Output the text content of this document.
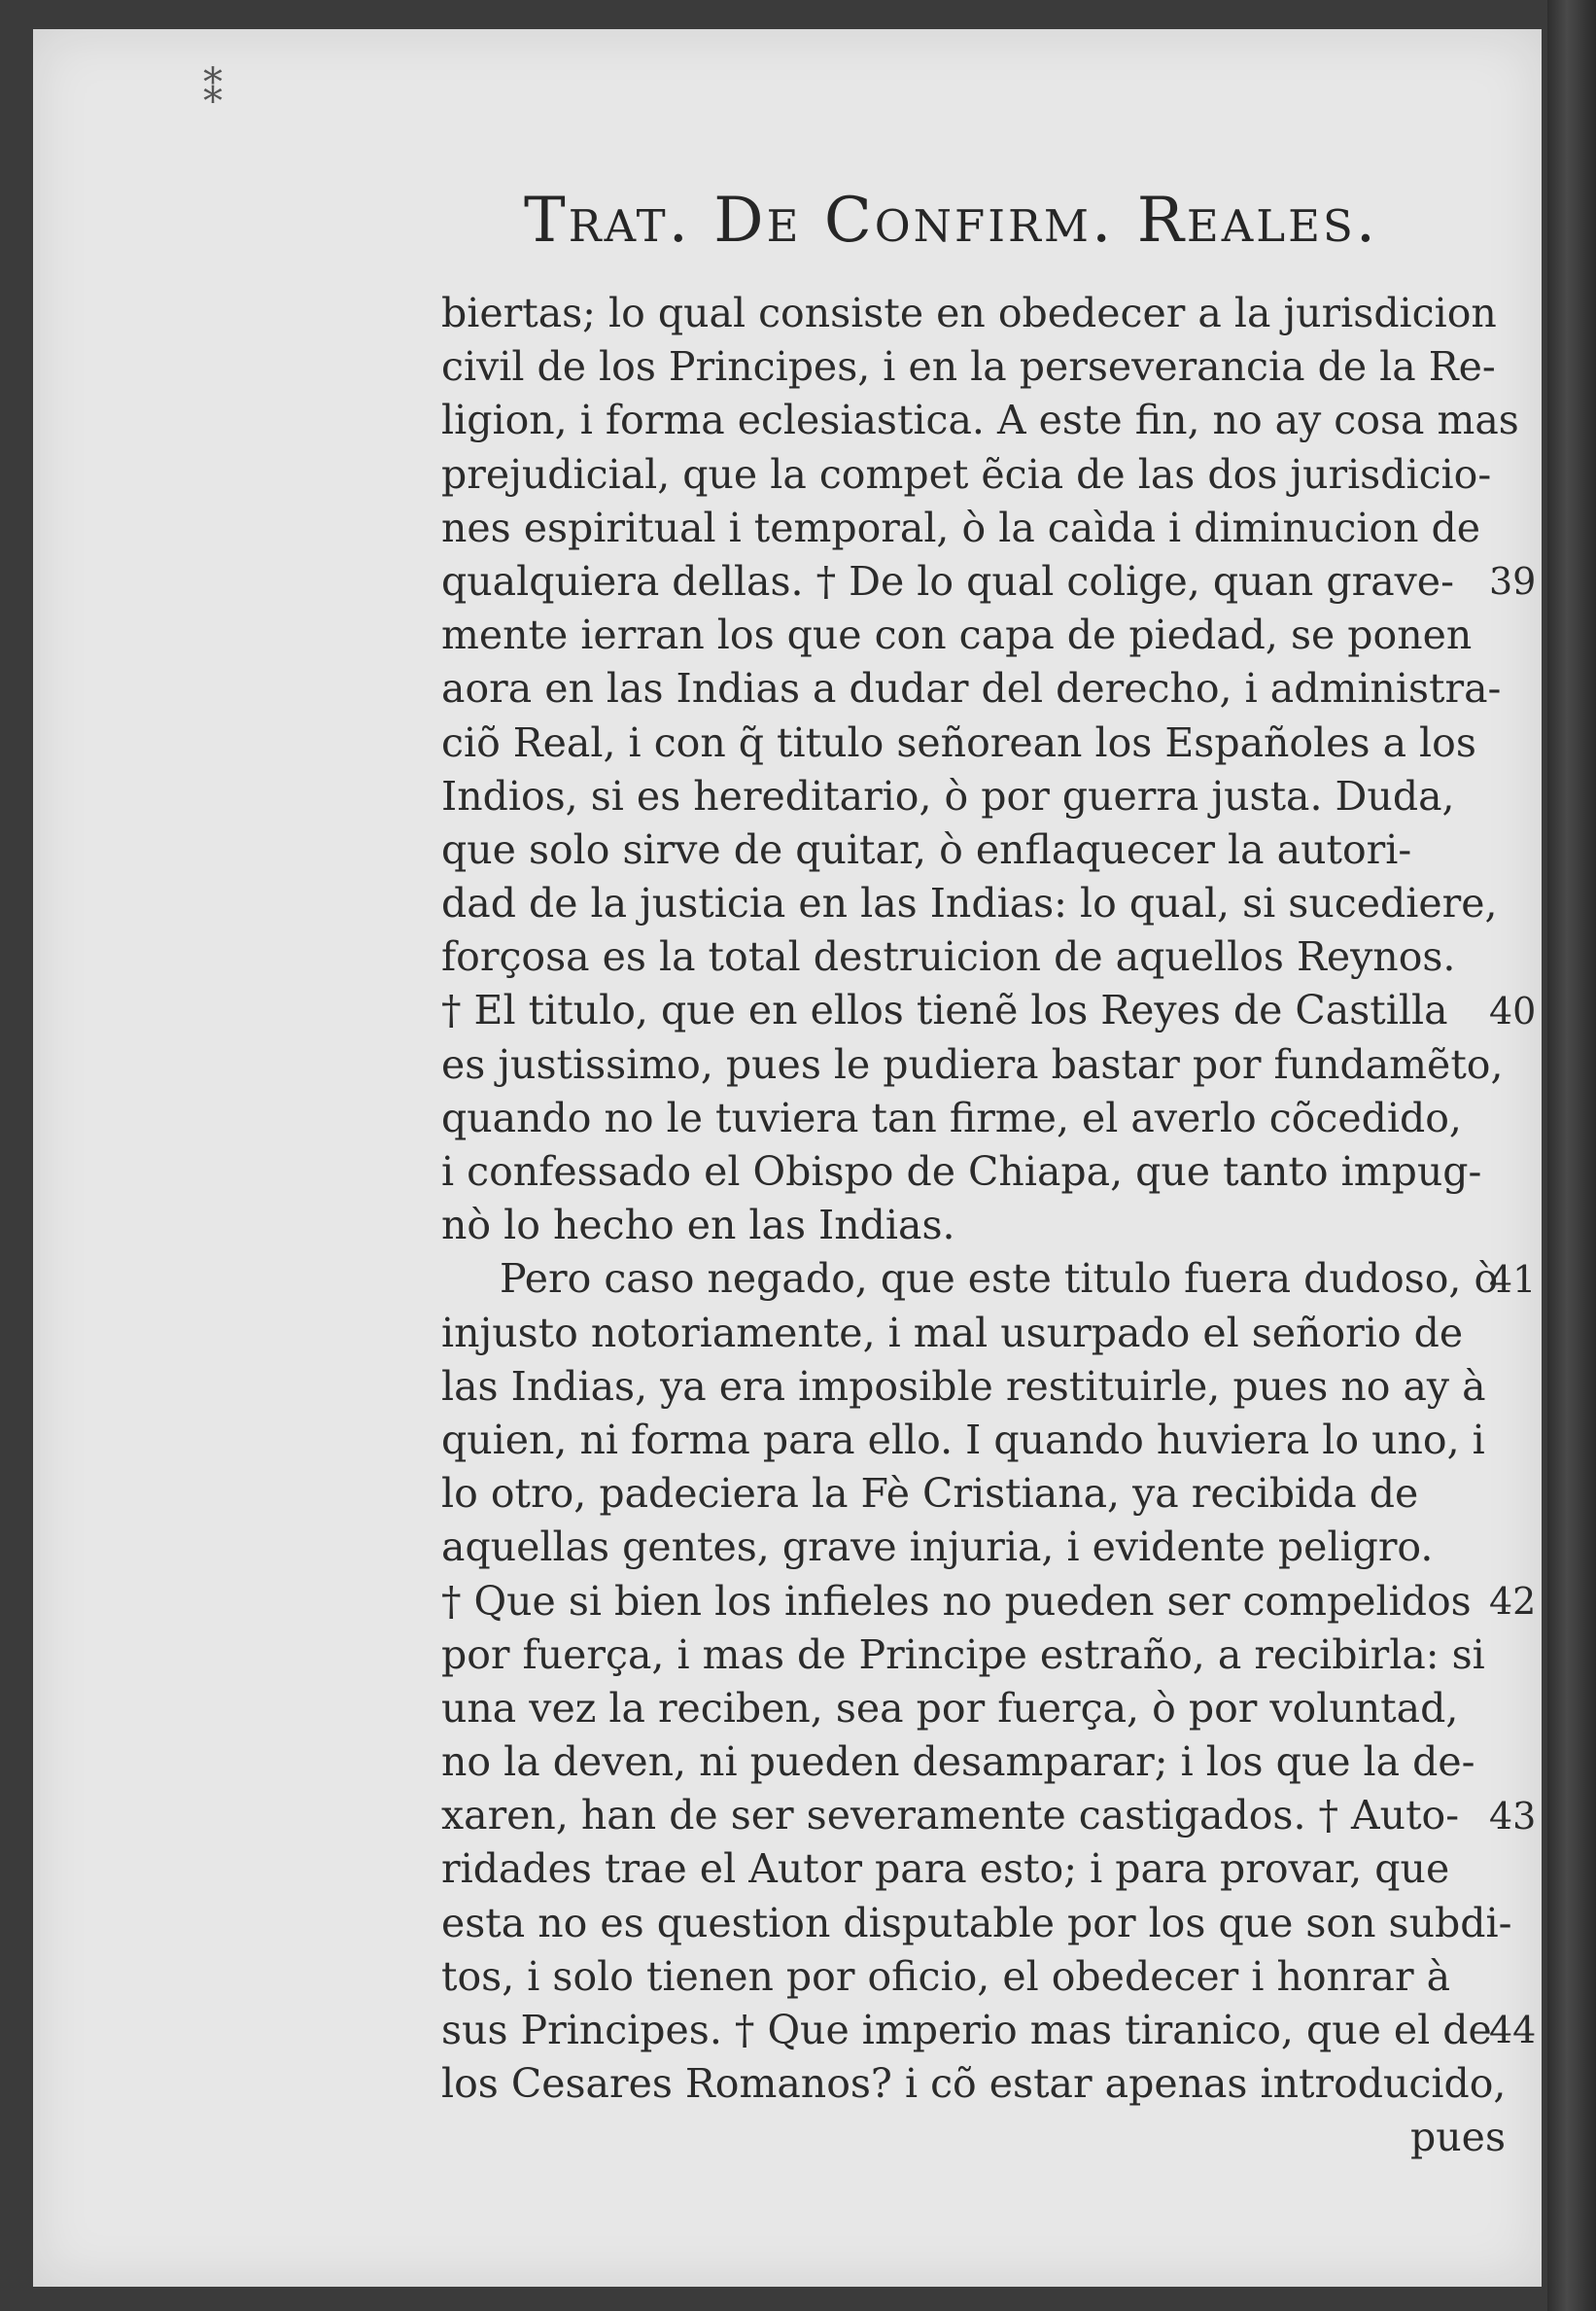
⁑
Trat. De Confirm. Reales.
biertas; lo qual consiste en obedecer a la jurisdicion
civil de los Principes, i en la perseverancia de la Re-
ligion, i forma eclesiastica. A este fin, no ay cosa mas
prejudicial, que la compet ẽcia de las dos jurisdicio-
nes espiritual i temporal, ò la caìda i diminucion de
qualquiera dellas. † De lo qual colige, quan grave-
mente ierran los que con capa de piedad, se ponen
aora en las Indias a dudar del derecho, i administra-
ciõ Real, i con q̃ titulo señorean los Españoles a los
Indios, si es hereditario, ò por guerra justa. Duda,
que solo sirve de quitar, ò enflaquecer la autori-
dad de la justicia en las Indias: lo qual, si sucediere,
forçosa es la total destruicion de aquellos Reynos.
† El titulo, que en ellos tienẽ los Reyes de Castilla
es justissimo, pues le pudiera bastar por fundamẽto,
quando no le tuviera tan firme, el averlo cõcedido,
i confessado el Obispo de Chiapa, que tanto impug-
nò lo hecho en las Indias.
Pero caso negado, que este titulo fuera dudoso, ò
injusto notoriamente, i mal usurpado el señorio de
las Indias, ya era imposible restituirle, pues no ay à
quien, ni forma para ello. I quando huviera lo uno, i
lo otro, padeciera la Fè Cristiana, ya recibida de
aquellas gentes, grave injuria, i evidente peligro.
† Que si bien los infieles no pueden ser compelidos
por fuerça, i mas de Principe estraño, a recibirla: si
una vez la reciben, sea por fuerça, ò por voluntad,
no la deven, ni pueden desamparar; i los que la de-
xaren, han de ser severamente castigados. † Auto-
ridades trae el Autor para esto; i para provar, que
esta no es question disputable por los que son subdi-
tos, i solo tienen por oficio, el obedecer i honrar à
sus Principes. † Que imperio mas tiranico, que el de
los Cesares Romanos? i cõ estar apenas introducido,
pues
39
40
41
42
43
44
